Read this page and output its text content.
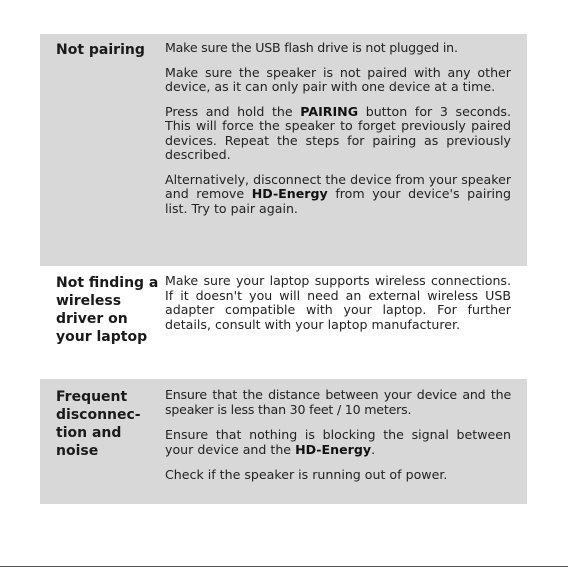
Not pairing	Make sure the USB flash drive is not plugged in.

Make sure the speaker is not paired with any other device, as it can only pair with one device at a time.

Press and hold the PAIRING button for 3 seconds. This will force the speaker to forget previously paired devices. Repeat the steps for pairing as previously described.

Alternatively, disconnect the device from your speaker and remove HD-Energy from your device's pairing list. Try to pair again.

Not finding a wireless driver on your laptop

Make sure your laptop supports wireless connections. If it doesn't you will need an external wireless USB adapter compatible with your laptop. For further details, consult with your laptop manufacturer.

Frequent disconnec-tion and noise

Ensure that the distance between your device and the speaker is less than 30 feet / 10 meters.

Ensure that nothing is blocking the signal between your device and the HD-Energy.

Check if the speaker is running out of power.
